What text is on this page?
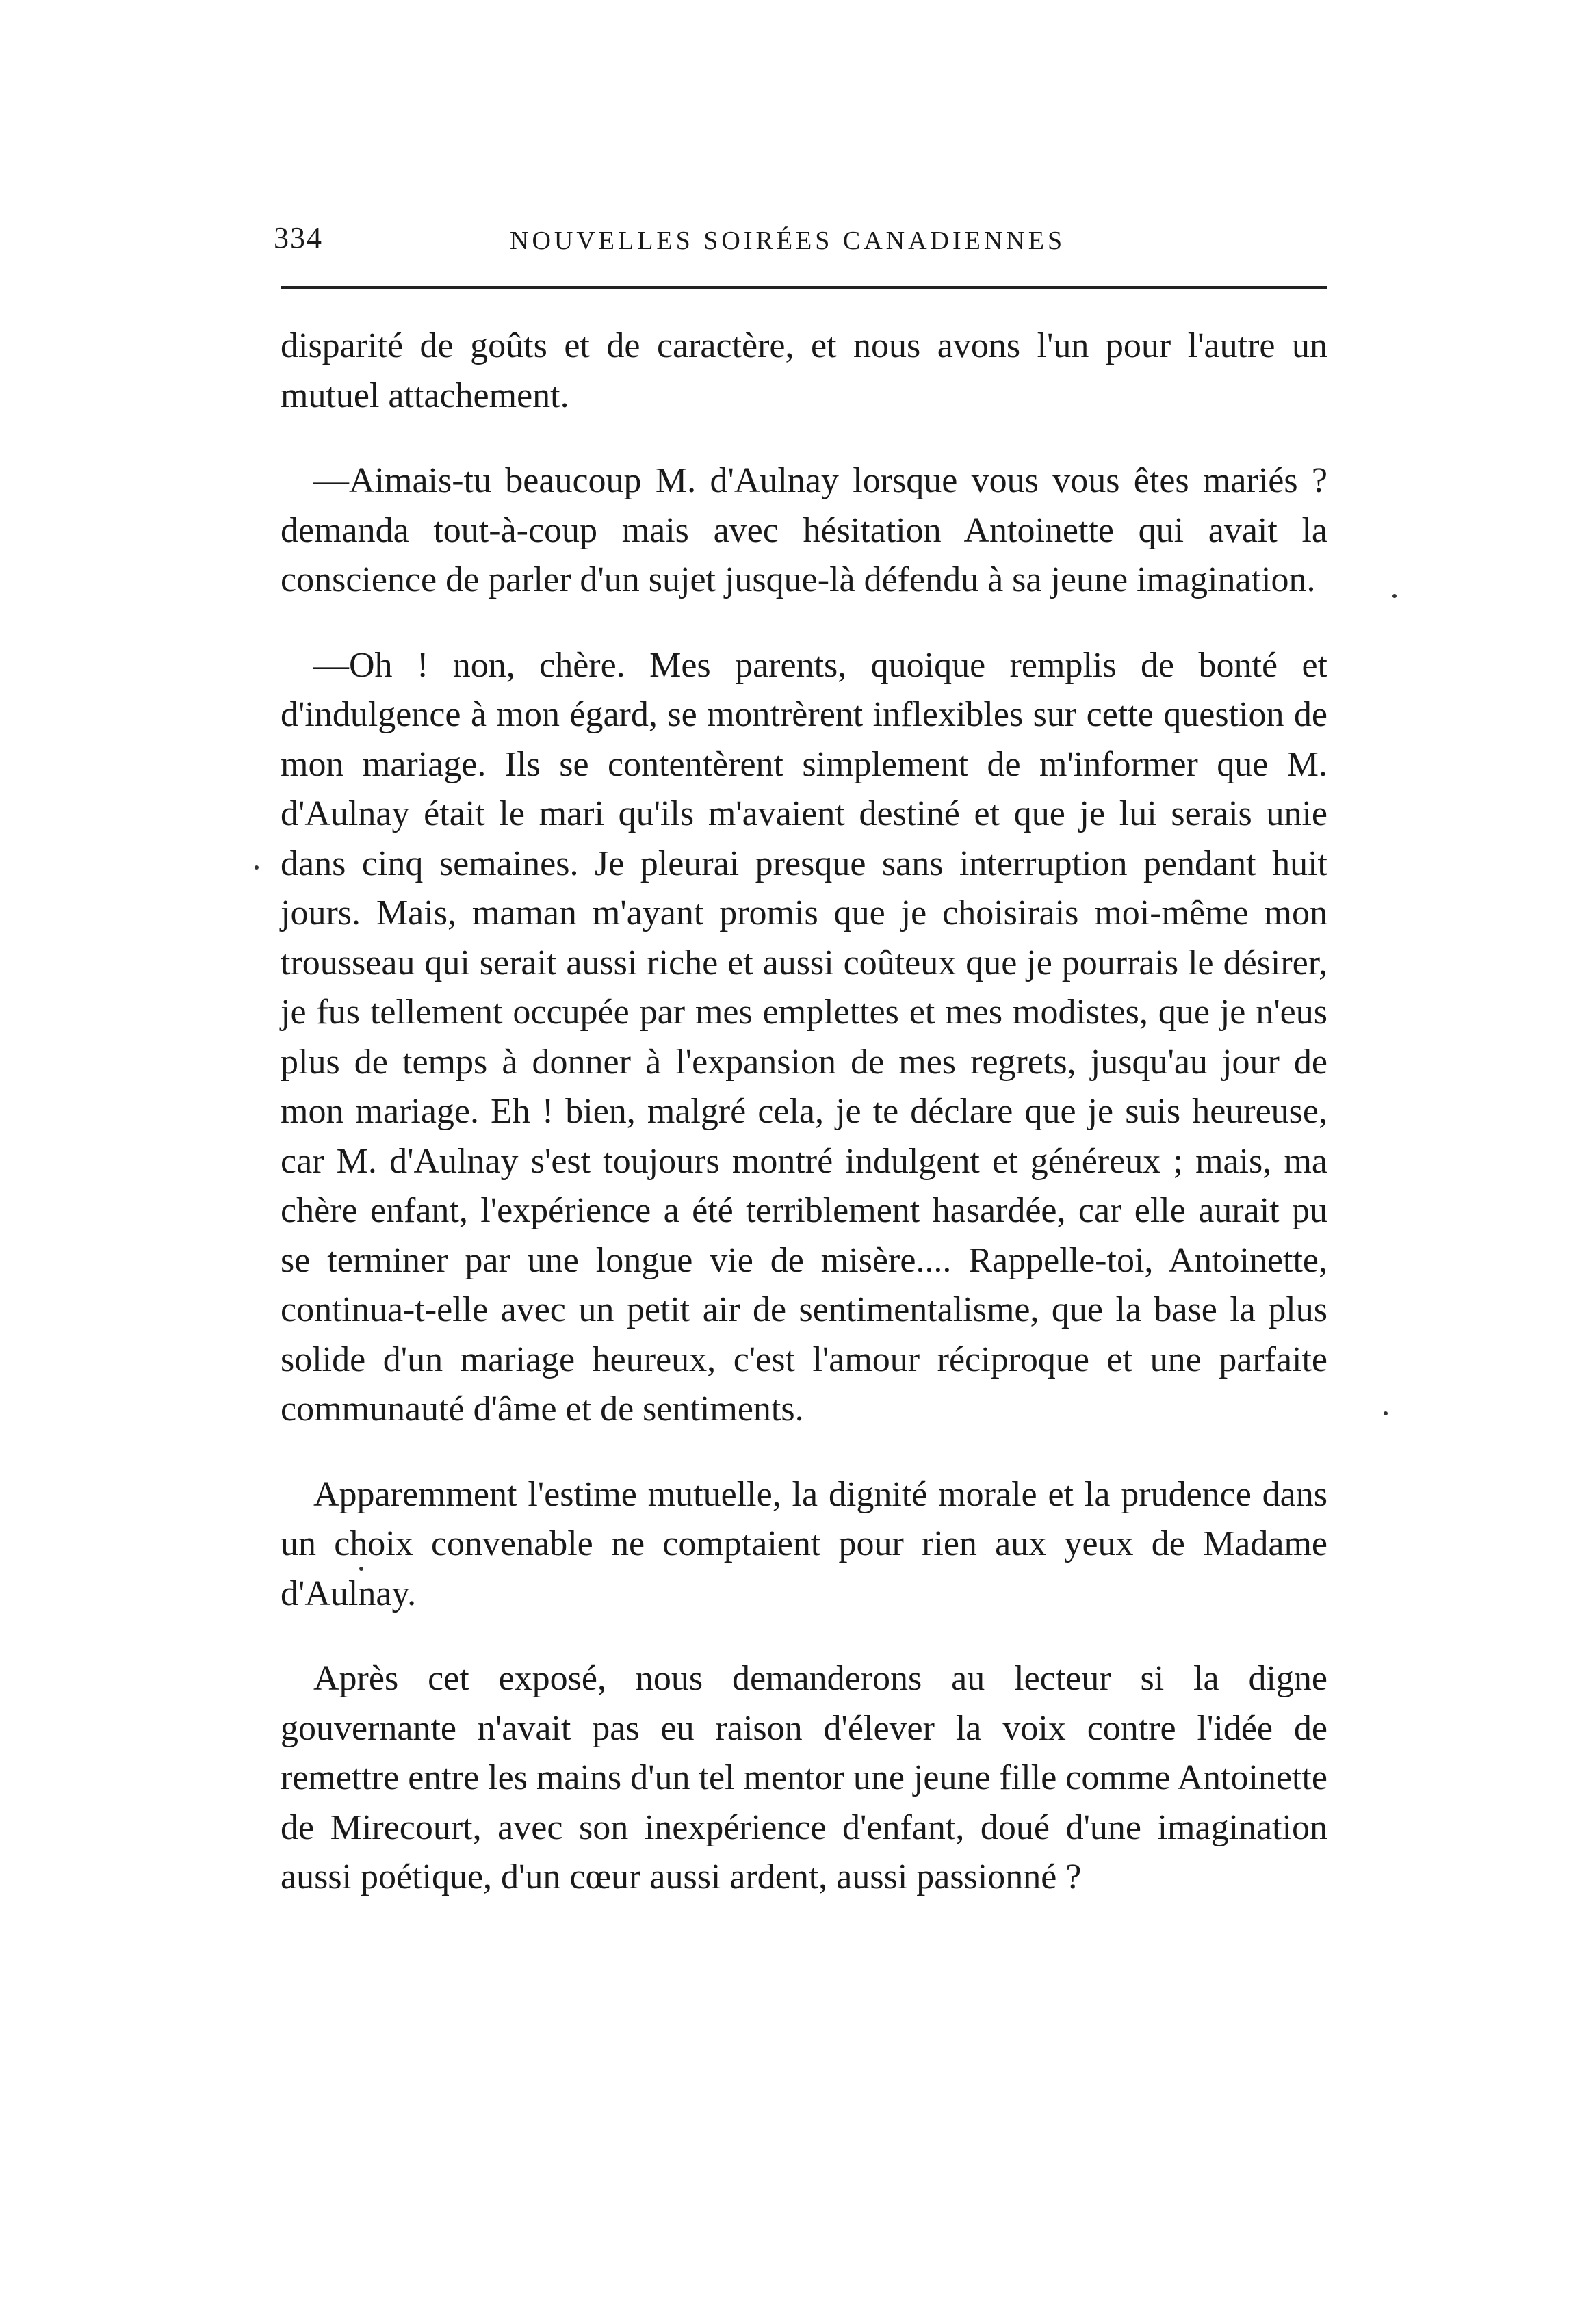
334	NOUVELLES SOIRÉES CANADIENNES

disparité de goûts et de caractère, et nous avons l'un pour l'autre un mutuel attachement.

—Aimais-tu beaucoup M. d'Aulnay lorsque vous vous êtes mariés ? demanda tout-à-coup mais avec hésitation Antoinette qui avait la conscience de parler d'un sujet jusque-là défendu à sa jeune imagination.

—Oh ! non, chère. Mes parents, quoique remplis de bonté et d'indulgence à mon égard, se montrèrent inflexibles sur cette question de mon mariage. Ils se contentèrent simplement de m'informer que M. d'Aulnay était le mari qu'ils m'avaient destiné et que je lui serais unie dans cinq semaines. Je pleurai presque sans interruption pendant huit jours. Mais, maman m'ayant promis que je choisirais moi-même mon trousseau qui serait aussi riche et aussi coûteux que je pourrais le désirer, je fus tellement occupée par mes emplettes et mes modistes, que je n'eus plus de temps à donner à l'expansion de mes regrets, jusqu'au jour de mon mariage. Eh ! bien, malgré cela, je te déclare que je suis heureuse, car M. d'Aulnay s'est toujours montré indulgent et généreux ; mais, ma chère enfant, l'expérience a été terriblement hasardée, car elle aurait pu se terminer par une longue vie de misère.... Rappelle-toi, Antoinette, continua-t-elle avec un petit air de sentimentalisme, que la base la plus solide d'un mariage heureux, c'est l'amour réciproque et une parfaite communauté d'âme et de sentiments.

Apparemment l'estime mutuelle, la dignité morale et la prudence dans un choix convenable ne comptaient pour rien aux yeux de Madame d'Aulnay.

Après cet exposé, nous demanderons au lecteur si la digne gouvernante n'avait pas eu raison d'élever la voix contre l'idée de remettre entre les mains d'un tel mentor une jeune fille comme Antoinette de Mirecourt, avec son inexpérience d'enfant, doué d'une imagination aussi poétique, d'un cœur aussi ardent, aussi passionné ?
